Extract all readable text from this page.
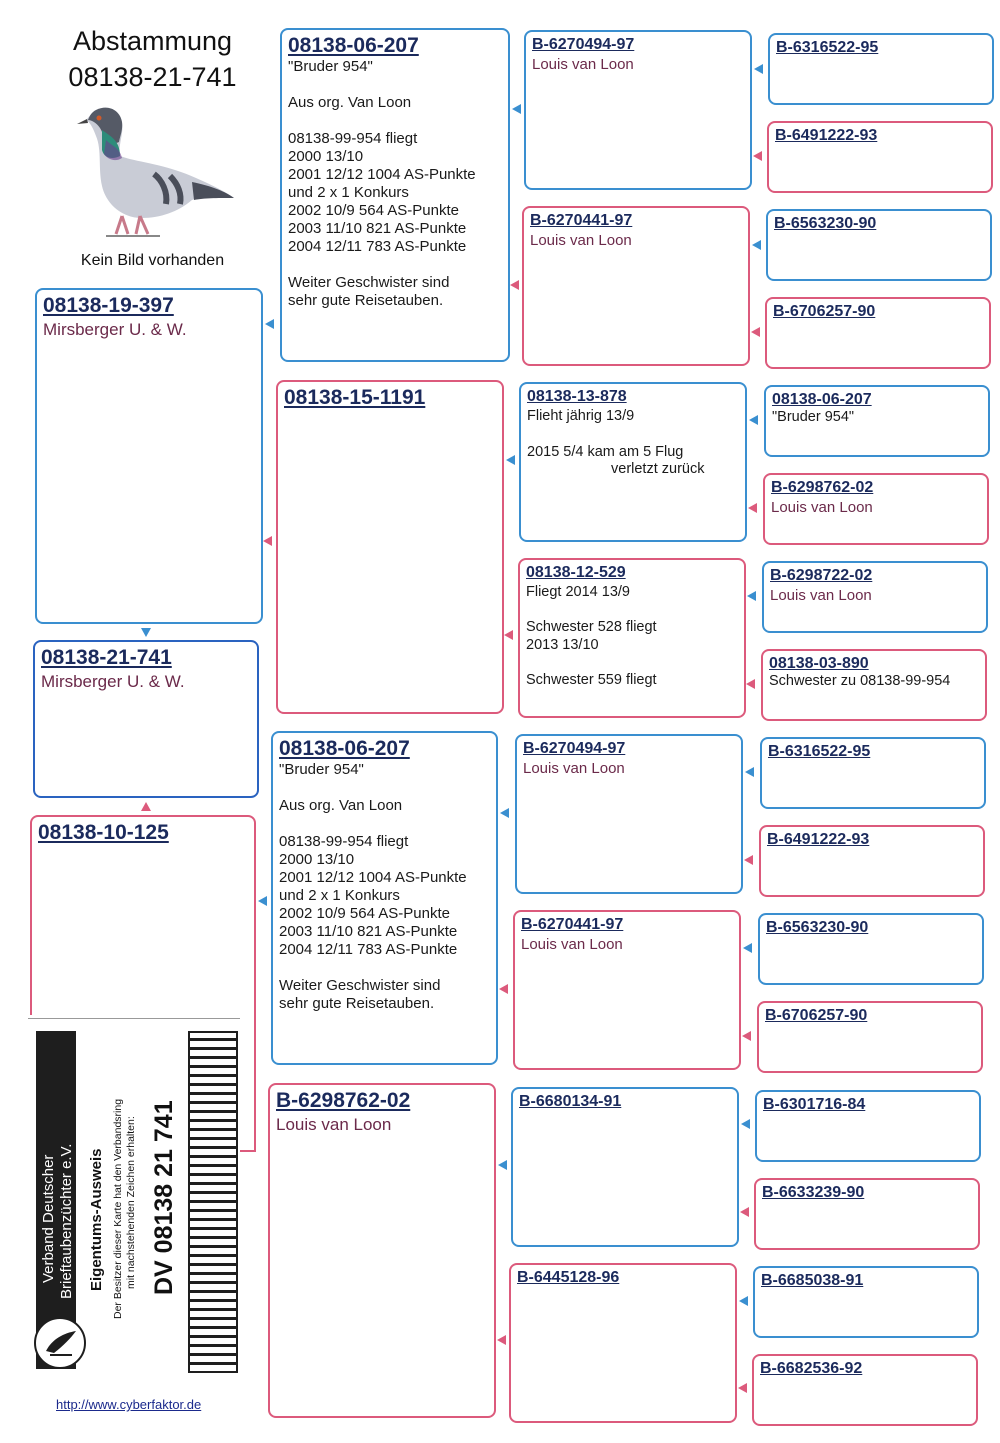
Abstammung
08138-21-741
Kein Bild vorhanden
08138-19-397
Mirsberger U. & W.
08138-21-741
Mirsberger U. & W.
08138-10-125
08138-06-207
"Bruder 954"
Aus org. Van Loon

08138-99-954 fliegt
2000 13/10
2001 12/12 1004 AS-Punkte
und 2 x 1 Konkurs
2002 10/9 564 AS-Punkte
2003 11/10 821 AS-Punkte
2004 12/11 783 AS-Punkte

Weiter Geschwister sind
sehr gute Reisetauben.
08138-15-1191
08138-06-207
"Bruder 954"
Aus org. Van Loon

08138-99-954 fliegt
2000 13/10
2001 12/12 1004 AS-Punkte
und 2 x 1 Konkurs
2002 10/9 564 AS-Punkte
2003 11/10 821 AS-Punkte
2004 12/11 783 AS-Punkte

Weiter Geschwister sind
sehr gute Reisetauben.
B-6298762-02
Louis van Loon
B-6270494-97
Louis van Loon
B-6270441-97
Louis van Loon
08138-13-878
Flieht jährig 13/9
2015 5/4 kam am 5 Flug
verletzt zurück
08138-12-529
Fliegt 2014 13/9

Schwester 528 fliegt
2013 13/10

Schwester 559 fliegt
B-6270494-97
Louis van Loon
B-6270441-97
Louis van Loon
B-6680134-91
B-6445128-96
B-6316522-95
B-6491222-93
B-6563230-90
B-6706257-90
08138-06-207
"Bruder 954"
B-6298762-02
Louis van Loon
B-6298722-02
Louis van Loon
08138-03-890
Schwester zu 08138-99-954
B-6316522-95
B-6491222-93
B-6563230-90
B-6706257-90
B-6301716-84
B-6633239-90
B-6685038-91
B-6682536-92
Verband Deutscher Brieftaubenzüchter e.V. Eigentums-Ausweis Der Besitzer dieser Karte hat den Verbandsring mit nachstehenden Zeichen erhalten: DV 08138 21 741
http://www.cyberfaktor.de
